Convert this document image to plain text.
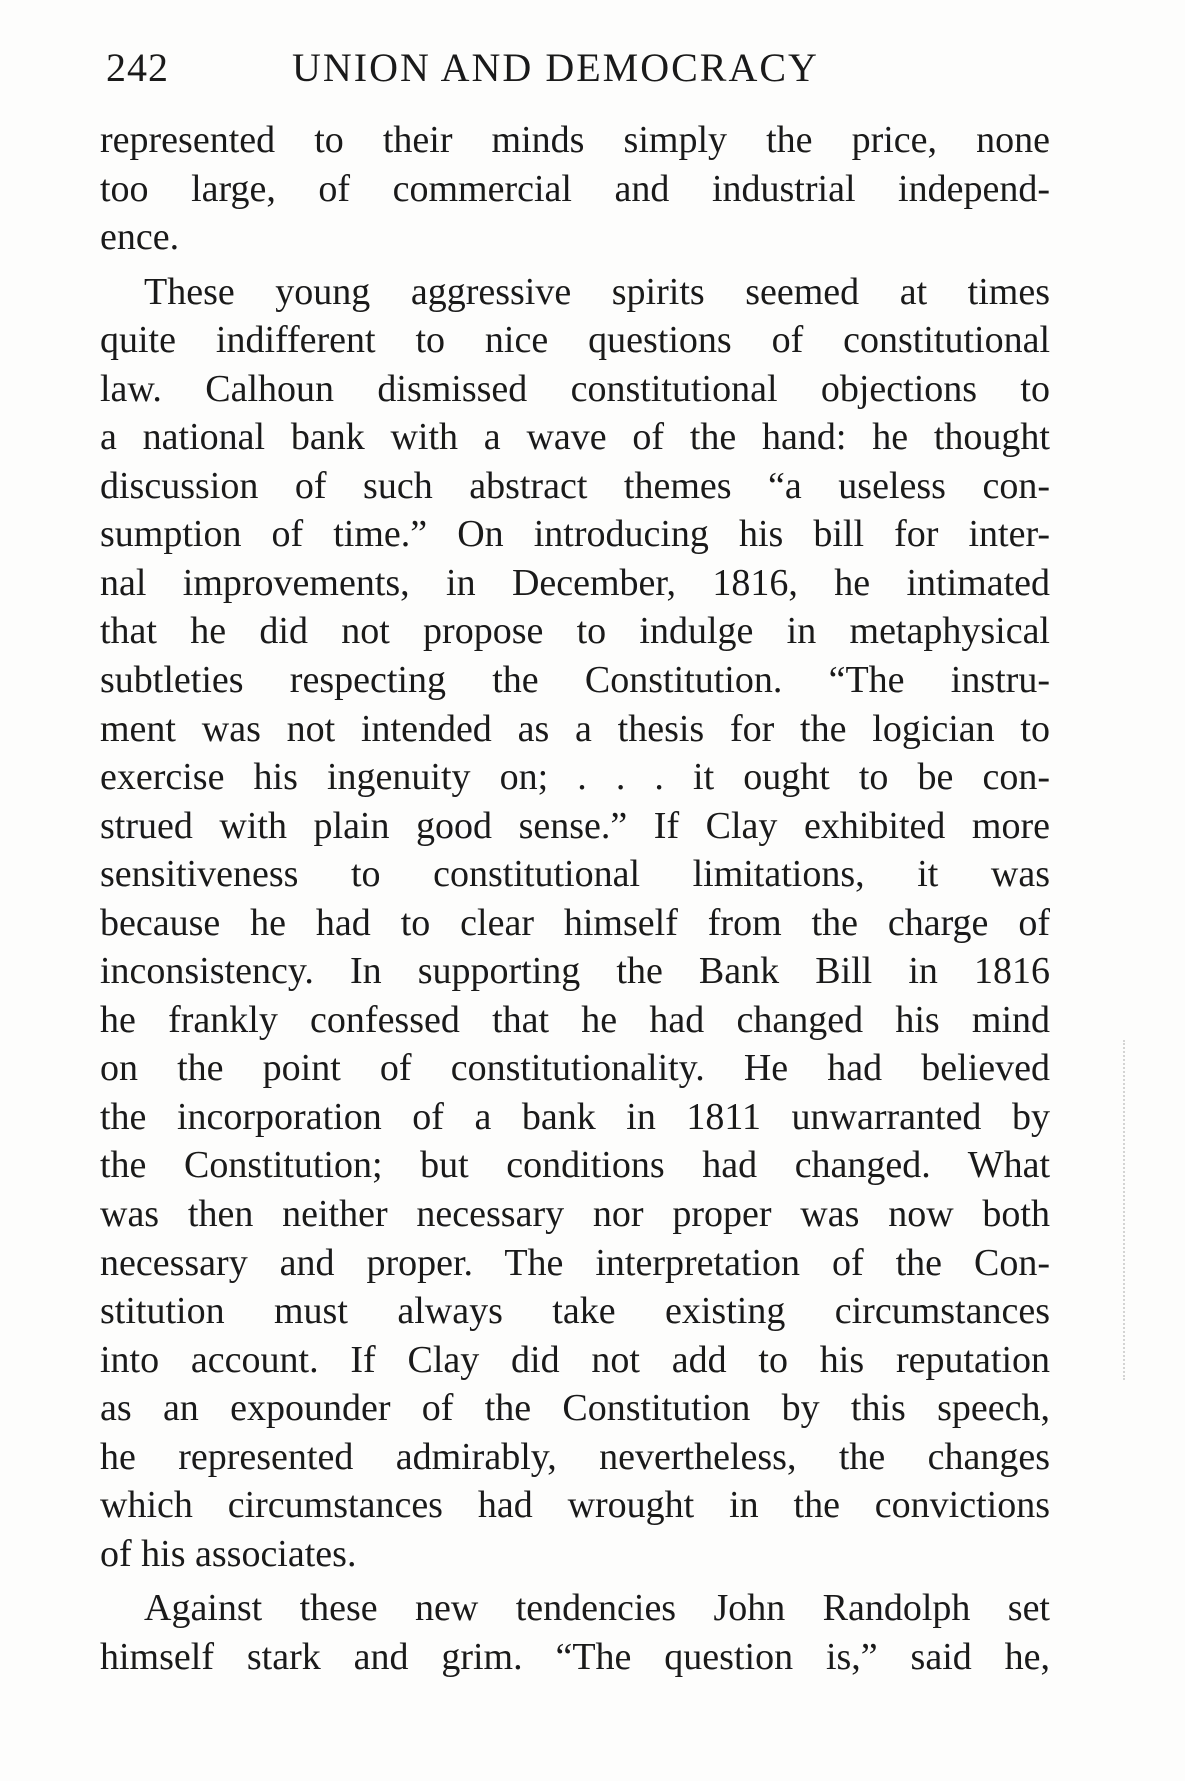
242	UNION AND DEMOCRACY
represented to their minds simply the price, none
too large, of commercial and industrial independ-
ence.
These young aggressive spirits seemed at times
quite indifferent to nice questions of constitutional
law. Calhoun dismissed constitutional objections to
a national bank with a wave of the hand: he thought
discussion of such abstract themes “a useless con-
sumption of time.” On introducing his bill for inter-
nal improvements, in December, 1816, he intimated
that he did not propose to indulge in metaphysical
subtleties respecting the Constitution. “The instru-
ment was not intended as a thesis for the logician to
exercise his ingenuity on; . . . it ought to be con-
strued with plain good sense.” If Clay exhibited more
sensitiveness to constitutional limitations, it was
because he had to clear himself from the charge of
inconsistency. In supporting the Bank Bill in 1816
he frankly confessed that he had changed his mind
on the point of constitutionality. He had believed
the incorporation of a bank in 1811 unwarranted by
the Constitution; but conditions had changed. What
was then neither necessary nor proper was now both
necessary and proper. The interpretation of the Con-
stitution must always take existing circumstances
into account. If Clay did not add to his reputation
as an expounder of the Constitution by this speech,
he represented admirably, nevertheless, the changes
which circumstances had wrought in the convictions
of his associates.
Against these new tendencies John Randolph set
himself stark and grim. “The question is,” said he,
